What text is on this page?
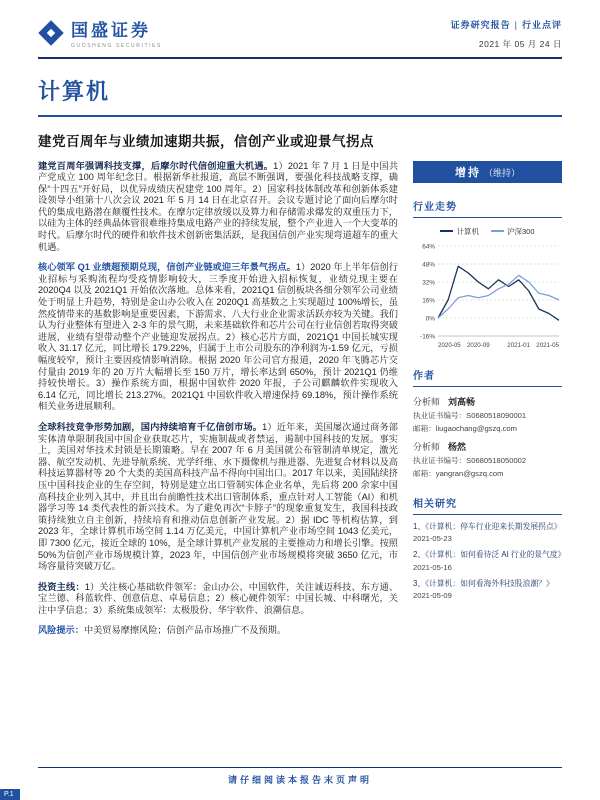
国盛证券
GUOSHENG SECURITIES
证券研究报告 | 行业点评
2021 年 05 月 24 日
计算机
建党百周年与业绩加速期共振，信创产业或迎景气拐点

建党百周年强调科技支撑，后摩尔时代信创迎重大机遇。1）2021 年 7 月 1 日是中国共产党成立 100 周年纪念日。根据新华社报道，高层不断强调，要强化科技战略支撑，确保“十四五”开好局，以优异成绩庆祝建党 100 周年。2）国家科技体制改革和创新体系建设领导小组第十八次会议 2021 年 5 月 14 日在北京召开。会议专题讨论了面向后摩尔时代的集成电路潜在颠覆性技术。在摩尔定律放缓以及算力和存储需求爆发的双重压力下，以硅为主体的经典晶体管很难维持集成电路产业的持续发展，整个产业进入一个大变革的时代。后摩尔时代的硬件和软件技术创新密集活跃，是我国信创产业实现弯道超车的重大机遇。

核心领军 Q1 业绩超预期兑现，信创产业链或迎三年景气拐点。1）2020 年上半年信创行业招标与采购流程均受疫情影响较大，三季度开始进入招标恢复，业绩兑现主要在 2020Q4 以及 2021Q1 开始依次落地。总体来看，2021Q1 信创板块各细分领军公司业绩处于明显上升趋势，特别是金山办公收入在 2020Q1 高基数之上实现超过 100%增长，虽然疫情带来的基数影响是重要因素，下游需求、八大行业企业需求活跃亦较为关键。我们认为行业整体有望进入 2-3 年的景气期，未来基础软件和芯片公司在行业信创若取得突破进展，业绩有望带动整个产业链迎发展拐点。2）核心芯片方面，2021Q1 中国长城实现收入 31.17 亿元，同比增长 179.22%，归属于上市公司股东的净利润为-1.59 亿元，亏损幅度较窄，预计主要因疫情影响消除。根据 2020 年公司官方报道，2020 年飞腾芯片交付量由 2019 年的 20 万片大幅增长至 150 万片，增长率达到 650%，预计 2021Q1 仍维持较快增长。3）操作系统方面，根据中国软件 2020 年报，子公司麒麟软件实现收入 6.14 亿元，同比增长 213.27%。2021Q1 中国软件收入增速保持 69.18%，预计操作系统相关业务进展顺利。

全球科技竞争形势加剧，国内持续培育千亿信创市场。1）近年来，美国屡次通过商务部实体清单限制我国中国企业获取芯片，实施制裁或者禁运，遏制中国科技的发展。事实上，美国对华技术封锁是长期策略。早在 2007 年 6 月美国就公布管制清单规定，激光器、航空发动机、先进导航系统、光学纤维、水下摄像机与推进器、先进复合材料以及高科技运算器材等 20 个大类的美国高科技产品不得向中国出口。2017 年以来，美国陆续挤压中国科技企业的生存空间，特别是建立出口管制实体企业名单，先后将 200 余家中国高科技企业列入其中，并且出台前瞻性技术出口管制体系，重点针对人工智能（AI）和机器学习等 14 类代表性的新兴技术。为了避免再次“卡脖子”的现象重复发生，我国科技政策持续独立自主创新，持续培育和推动信息创新产业发展。2）据 IDC 等机构估算，到 2023 年，全球计算机市场空间 1.14 万亿美元，中国计算机产业市场空间 1043 亿美元，即 7300 亿元，接近全球的 10%，是全球计算机产业发展的主要推动力和增长引擎。按照 50%为信创产业市场规模计算，2023 年，中国信创产业市场规模将突破 3650 亿元，市场容量待突破万亿。

投资主线：1）关注核心基础软件领军：金山办公、中国软件，关注诚迈科技、东方通、宝兰德、科蓝软件、创意信息、卓易信息；2）核心硬件领军：中国长城、中科曙光，关注中孚信息；3）系统集成领军：太极股份、华宇软件、浪潮信息。

风险提示：中美贸易摩擦风险；信创产品市场推广不及预期。

增持 （维持）
行业走势
计算机	沪深300
-16%
0%
16%
32%
48%
64%
2020-05 2020-09	2021-01 2021-05
作者
分析师 刘高畅
执业证书编号：S0680518090001
邮箱：liugaochang@gszq.com
分析师 杨然
执业证书编号：S0680518050002
邮箱：yangran@gszq.com
相关研究
1、《计算机：停车行业迎来长期发展拐点》
2021-05-23
2、《计算机：如何看待泛 AI 行业的景气度》
2021-05-16
3、《计算机：如何看海外科技股浪潮？》
2021-05-09
请仔细阅读本报告末页声明
P.1
